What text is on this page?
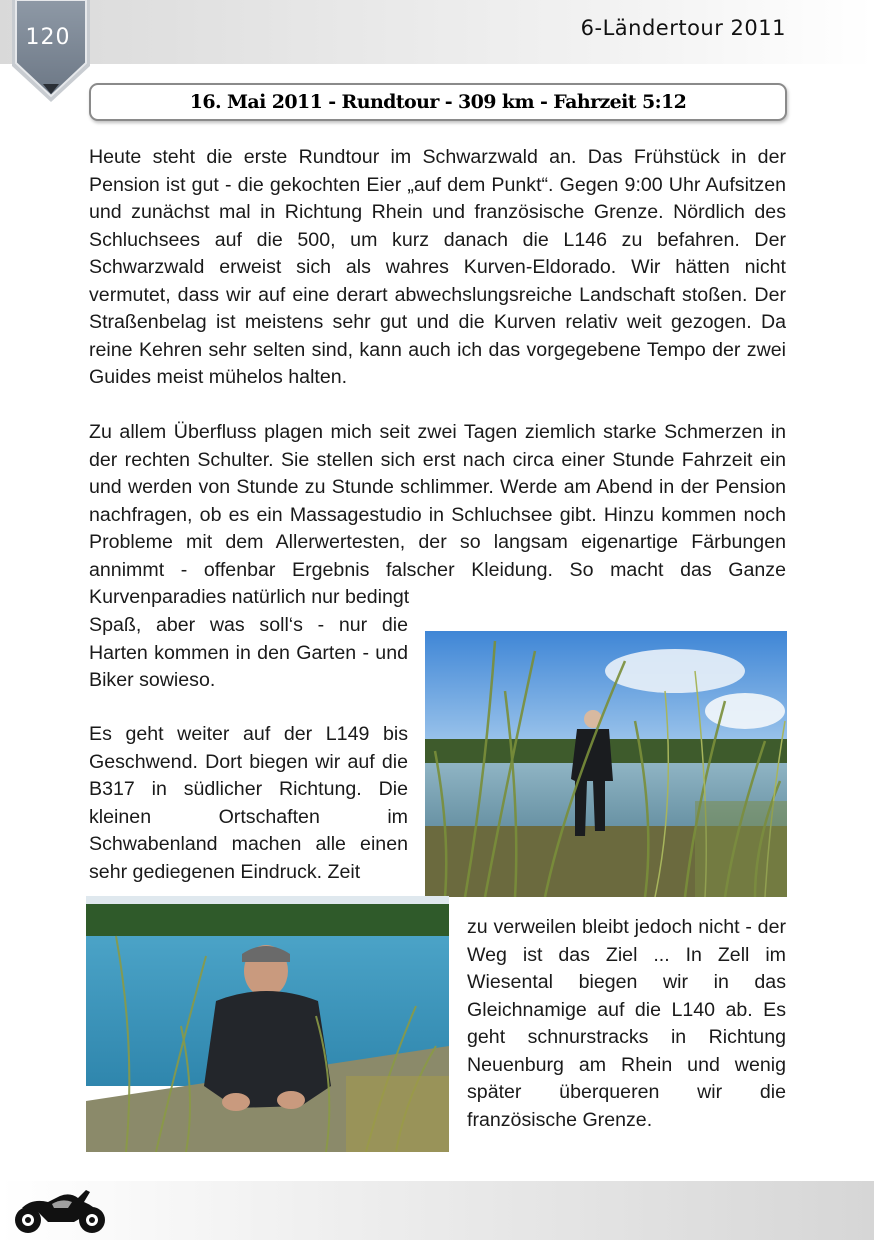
120	6-Ländertour 2011
16. Mai 2011 - Rundtour - 309 km - Fahrzeit 5:12

Heute steht die erste Rundtour im Schwarzwald an. Das Frühstück in der Pension ist gut - die gekochten Eier „auf dem Punkt“. Gegen 9:00 Uhr Aufsitzen und zunächst mal in Richtung Rhein und französische Grenze. Nördlich des Schluchsees auf die 500, um kurz danach die L146 zu befahren. Der Schwarzwald erweist sich als wahres Kurven-Eldorado. Wir hätten nicht vermutet, dass wir auf eine derart abwechslungsreiche Landschaft stoßen. Der Straßenbelag ist meistens sehr gut und die Kurven relativ weit gezogen. Da reine Kehren sehr selten sind, kann auch ich das vorgegebene Tempo der zwei Guides meist mühelos halten.

Zu allem Überfluss plagen mich seit zwei Tagen ziemlich starke Schmerzen in der rechten Schulter. Sie stellen sich erst nach circa einer Stunde Fahrzeit ein und werden von Stunde zu Stunde schlimmer. Werde am Abend in der Pension nachfragen, ob es ein Massagestudio in Schluchsee gibt. Hinzu kommen noch Probleme mit dem Allerwertesten, der so langsam eigenartige Färbungen annimmt - offenbar Ergebnis falscher Kleidung. So macht das Ganze Kurvenparadies natürlich nur bedingt

Spaß, aber was soll‘s - nur die Harten kommen in den Garten - und Biker sowieso.

Es geht weiter auf der L149 bis Geschwend. Dort biegen wir auf die B317 in südlicher Richtung. Die kleinen Ortschaften im Schwabenland machen alle einen sehr gediegenen Eindruck. Zeit

zu verweilen bleibt jedoch nicht - der Weg ist das Ziel ... In Zell im Wiesental biegen wir in das Gleichnamige auf die L140 ab. Es geht schnurstracks in Richtung Neuenburg am Rhein und wenig später überqueren wir die französische Grenze.
